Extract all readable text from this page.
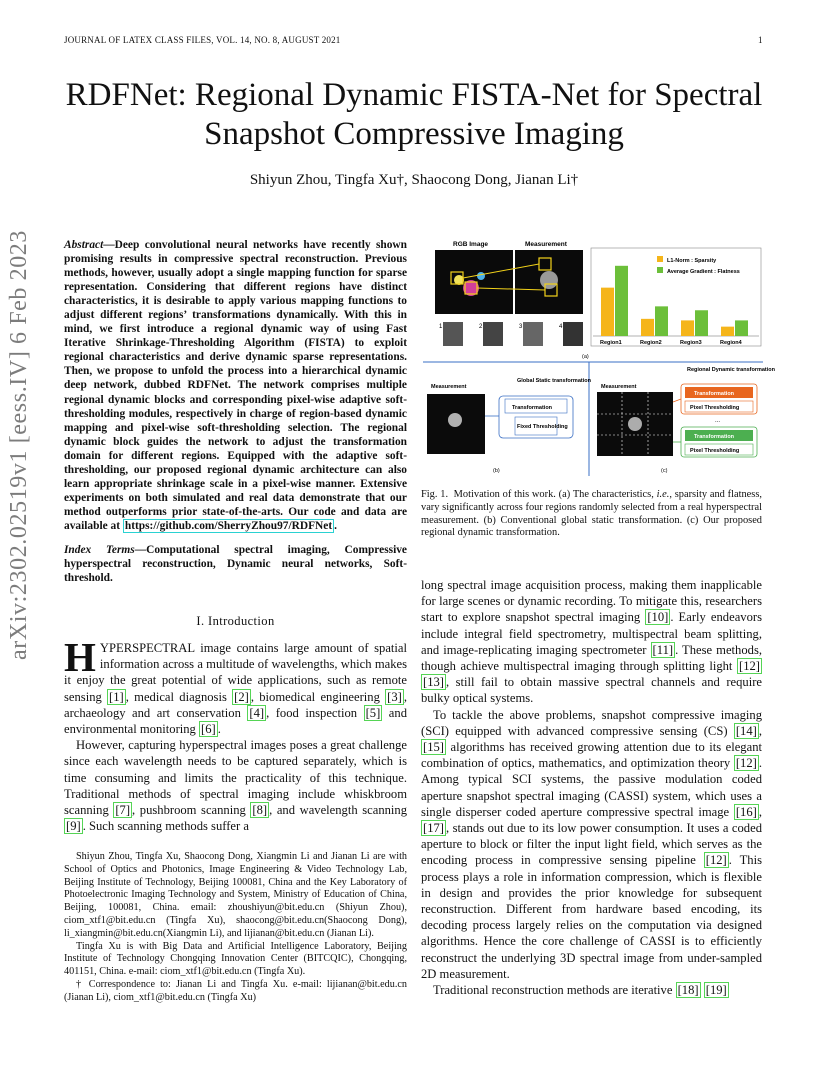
JOURNAL OF LATEX CLASS FILES, VOL. 14, NO. 8, AUGUST 2021	1
arXiv:2302.02519v1 [eess.IV] 6 Feb 2023
RDFNet: Regional Dynamic FISTA-Net for Spectral
Snapshot Compressive Imaging
Shiyun Zhou, Tingfa Xu†, Shaocong Dong, Jianan Li†
Abstract—Deep convolutional neural networks have recently shown promising results in compressive spectral reconstruction. Previous methods, however, usually adopt a single mapping function for sparse representation. Considering that different regions have distinct characteristics, it is desirable to apply various mapping functions to adjust different regions’ transformations dynamically. With this in mind, we first introduce a regional dynamic way of using Fast Iterative Shrinkage-Thresholding Algorithm (FISTA) to exploit regional characteristics and derive dynamic sparse representations. Then, we propose to unfold the process into a hierarchical dynamic deep network, dubbed RDFNet. The network comprises multiple regional dynamic blocks and corresponding pixel-wise adaptive soft-thresholding modules, respectively in charge of region-based dynamic mapping and pixel-wise soft-thresholding selection. The regional dynamic block guides the network to adjust the transformation domain for different regions. Equipped with the adaptive soft-thresholding, our proposed regional dynamic architecture can also learn appropriate shrinkage scale in a pixel-wise manner. Extensive experiments on both simulated and real data demonstrate that our method outperforms prior state-of-the-arts. Our code and data are available at https://github.com/SherryZhou97/RDFNet .
Index Terms—Computational spectral imaging, Compressive hyperspectral reconstruction, Dynamic neural networks, Soft-threshold.
I. Introduction

HYPERSPECTRAL image contains large amount of spatial information across a multitude of wavelengths, which makes it enjoy the great potential of wide applications, such as remote sensing [1] , medical diagnosis [2] , biomedical engineering [3] , archaeology and art conservation [4] , food inspection [5] and environmental monitoring [6] .

However, capturing hyperspectral images poses a great challenge since each wavelength needs to be captured separately, which is time consuming and limits the practicality of this technique. Traditional methods of spectral imaging include whiskbroom scanning [7] , pushbroom scanning [8] , and wavelength scanning [9] . Such scanning methods suffer a

Shiyun Zhou, Tingfa Xu, Shaocong Dong, Xiangmin Li and Jianan Li are with School of Optics and Photonics, Image Engineering & Video Technology Lab, Beijing Institute of Technology, Beijing 100081, China and the Key Laboratory of Photoelectronic Imaging Technology and System, Ministry of Education of China, Beijing, 100081, China. email: zhoushiyun@bit.edu.cn (Shiyun Zhou), ciom_xtf1@bit.edu.cn (Tingfa Xu), shaocong@bit.edu.cn(Shaocong Dong), li_xiangmin@bit.edu.cn(Xiangmin Li), and lijianan@bit.edu.cn (Jianan Li).

Tingfa Xu is with Big Data and Artificial Intelligence Laboratory, Beijing Institute of Technology Chongqing Innovation Center (BITCQIC), Chongqing, 401151, China. e-mail: ciom_xtf1@bit.edu.cn (Tingfa Xu).

† Correspondence to: Jianan Li and Tingfa Xu. e-mail: lijianan@bit.edu.cn (Jianan Li), ciom_xtf1@bit.edu.cn (Tingfa Xu)

RGB Image	Measurement
1	2	3	4
L1-Norm : Sparsity
Average Gradient : Flatness
Region1	Region2	Region3	Region4
(a)
Measurement
Global Static transformation
Transformation
Fixed Thresholding
(b)
Measurement
Regional Dynamic transformation
Transformation
Pixel Thresholding
...
Transformation
Pixel Thresholding
(c)
Fig. 1. Motivation of this work. (a) The characteristics, i.e., sparsity and flatness, vary significantly across four regions randomly selected from a real hyperspectral measurement. (b) Conventional global static transformation. (c) Our proposed regional dynamic transformation.

long spectral image acquisition process, making them inapplicable for large scenes or dynamic recording. To mitigate this, researchers start to explore snapshot spectral imaging [10] . Early endeavors include integral field spectrometry, multispectral beam splitting, and image-replicating imaging spectrometer [11] . These methods, though achieve multispectral imaging through splitting light [12] [13] , still fail to obtain massive spectral channels and require bulky optical systems.

To tackle the above problems, snapshot compressive imaging (SCI) equipped with advanced compressive sensing (CS) [14] , [15] algorithms has received growing attention due to its elegant combination of optics, mathematics, and optimization theory [12] . Among typical SCI systems, the passive modulation coded aperture snapshot spectral imaging (CASSI) system, which uses a single disperser coded aperture compressive spectral image [16] , [17] , stands out due to its low power consumption. It uses a coded aperture to block or filter the input light field, which serves as the encoding process in compressive sensing pipeline [12] . This process plays a role in information compression, which is flexible in design and provides the prior knowledge for subsequent reconstruction. Different from hardware based encoding, its decoding process largely relies on the computation via designed algorithms. Hence the core challenge of CASSI is to efficiently reconstruct the underlying 3D spectral image from under-sampled 2D measurement.

Traditional reconstruction methods are iterative [18] [19]
